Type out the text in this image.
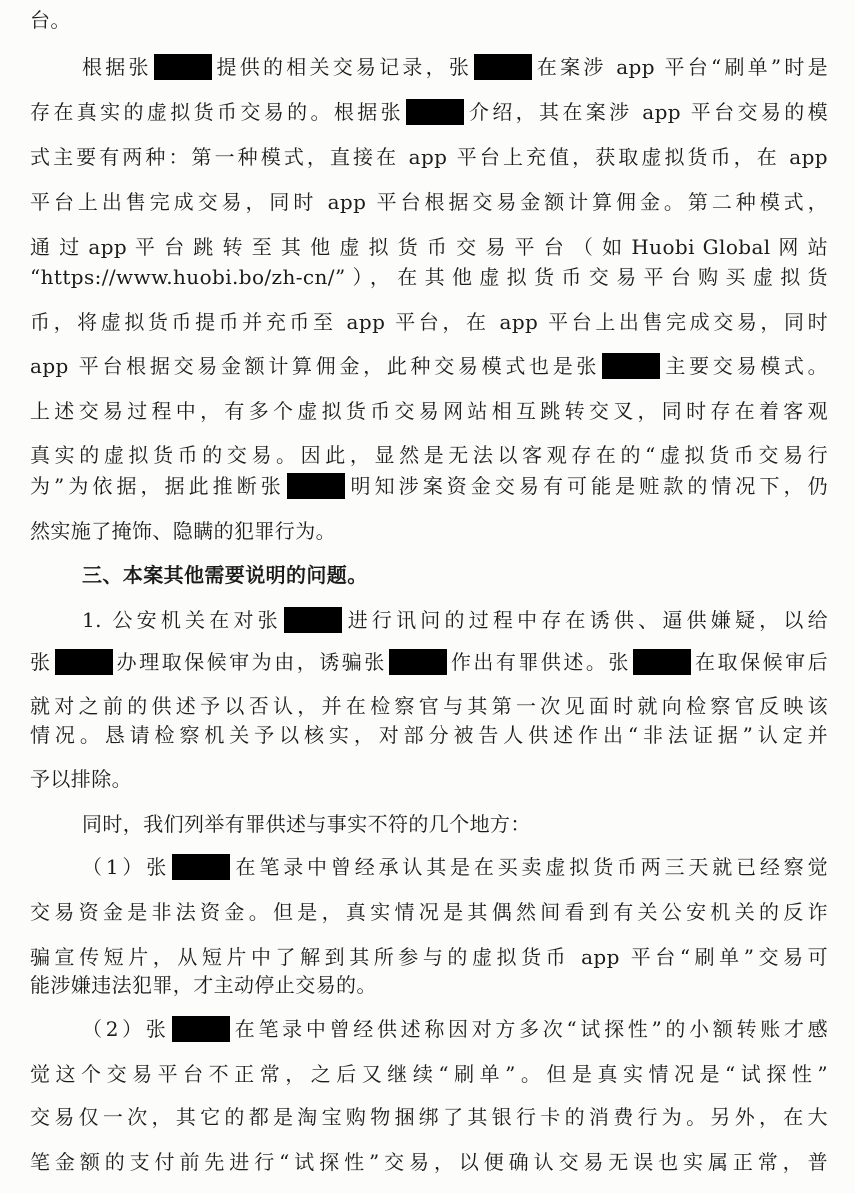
台。
根据张	提供的相关交易记录，张	在案涉 app 平台“刷单”时是
存在真实的虚拟货币交易的。根据张	介绍，其在案涉 app 平台交易的模
式主要有两种：第一种模式，直接在 app 平台上充值，获取虚拟货币，在 app
平台上出售完成交易，同时 app 平台根据交易金额计算佣金。第二种模式，
通 过 app 平 台 跳 转 至 其 他 虚 拟 货 币 交 易 平 台 （ 如 Huobi Global 网 站
“https://www.huobi.bo/zh-cn/”），在其他虚拟货币交易平台购买虚拟货
币，将虚拟货币提币并充币至 app 平台，在 app 平台上出售完成交易，同时
app 平台根据交易金额计算佣金，此种交易模式也是张	主要交易模式。
上述交易过程中，有多个虚拟货币交易网站相互跳转交叉，同时存在着客观
真实的虚拟货币的交易。因此，显然是无法以客观存在的“虚拟货币交易行
为”为依据，据此推断张	明知涉案资金交易有可能是赃款的情况下，仍
然实施了掩饰、隐瞒的犯罪行为。
三、本案其他需要说明的问题。
1. 公安机关在对张	进行讯问的过程中存在诱供、逼供嫌疑，以给
张	办理取保候审为由，诱骗张	作出有罪供述。张	在取保候审后
就对之前的供述予以否认，并在检察官与其第一次见面时就向检察官反映该
情况。恳请检察机关予以核实，对部分被告人供述作出“非法证据”认定并
予以排除。
同时，我们列举有罪供述与事实不符的几个地方：
（1）张	在笔录中曾经承认其是在买卖虚拟货币两三天就已经察觉
交易资金是非法资金。但是，真实情况是其偶然间看到有关公安机关的反诈
骗宣传短片，从短片中了解到其所参与的虚拟货币 app 平台“刷单”交易可
能涉嫌违法犯罪，才主动停止交易的。
（2）张	在笔录中曾经供述称因对方多次“试探性”的小额转账才感
觉这个交易平台不正常，之后又继续“刷单”。但是真实情况是“试探性”
交易仅一次，其它的都是淘宝购物捆绑了其银行卡的消费行为。另外，在大
笔金额的支付前先进行“试探性”交易，以便确认交易无误也实属正常，普
